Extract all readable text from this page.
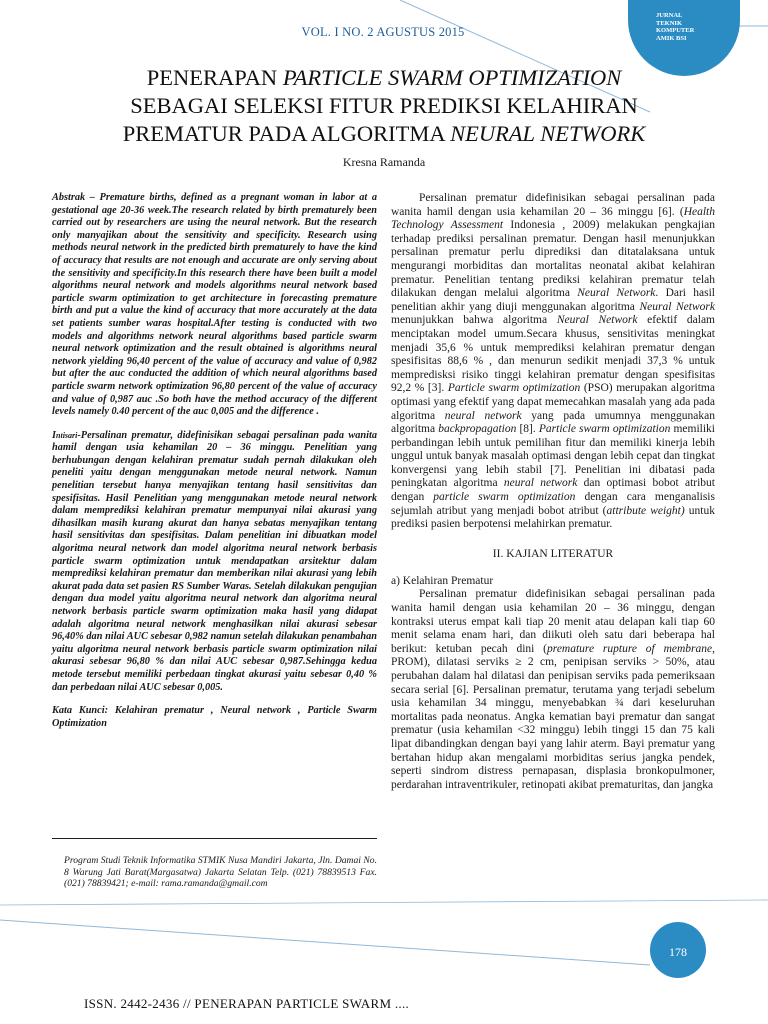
JURNAL
TEKNIK
KOMPUTER
AMIK BSI
VOL. I NO. 2 AGUSTUS 2015
PENERAPAN PARTICLE SWARM OPTIMIZATION
SEBAGAI SELEKSI FITUR PREDIKSI KELAHIRAN
PREMATUR PADA ALGORITMA NEURAL NETWORK
Kresna Ramanda

Abstrak – Premature births, defined as a pregnant woman in labor at a gestational age 20-36 week.The research related by birth prematurely been carried out by researchers are using the neural network. But the research only manyajikan about the sensitivity and specificity. Research using methods neural network in the predicted birth prematurely to have the kind of accuracy that results are not enough and accurate are only serving about the sensitivity and specificity.In this research there have been built a model algorithms neural network and models algorithms neural network based particle swarm optimization to get architecture in forecasting premature birth and put a value the kind of accuracy that more accurately at the data set patients sumber waras hospital.After testing is conducted with two models and algorithms network neural algorithms based particle swarm neural network optimization and the result obtained is algorithms neural network yielding 96,40 percent of the value of accuracy and value of 0,982 but after the auc conducted the addition of which neural algorithms based particle swarm network optimization 96,80 percent of the value of accuracy and value of 0,987 auc .So both have the method accuracy of the different levels namely 0.40 percent of the auc 0,005 and the difference .

Intisari-Persalinan prematur, didefinisikan sebagai persalinan pada wanita hamil dengan usia kehamilan 20 – 36 minggu. Penelitian yang berhubungan dengan kelahiran prematur sudah pernah dilakukan oleh peneliti yaitu dengan menggunakan metode neural network. Namun penelitian tersebut hanya menyajikan tentang hasil sensitivitas dan spesifisitas. Hasil Penelitian yang menggunakan metode neural network dalam memprediksi kelahiran prematur mempunyai nilai akurasi yang dihasilkan masih kurang akurat dan hanya sebatas menyajikan tentang hasil sensitivitas dan spesifisitas. Dalam penelitian ini dibuatkan model algoritma neural network dan model algoritma neural network berbasis particle swarm optimization untuk mendapatkan arsitektur dalam memprediksi kelahiran prematur dan memberikan nilai akurasi yang lebih akurat pada data set pasien RS Sumber Waras. Setelah dilakukan pengujian dengan dua model yaitu algoritma neural network dan algoritma neural network berbasis particle swarm optimization maka hasil yang didapat adalah algoritma neural network menghasilkan nilai akurasi sebesar 96,40% dan nilai AUC sebesar 0,982 namun setelah dilakukan penambahan yaitu algoritma neural network berbasis particle swarm optimization nilai akurasi sebesar 96,80 % dan nilai AUC sebesar 0,987.Sehingga kedua metode tersebut memiliki perbedaan tingkat akurasi yaitu sebesar 0,40 % dan perbedaan nilai AUC sebesar 0,005.

Kata Kunci: Kelahiran prematur , Neural network , Particle Swarm Optimization

Program Studi Teknik Informatika STMIK Nusa Mandiri Jakarta, Jln. Damai No. 8 Warung Jati Barat(Margasatwa) Jakarta Selatan Telp. (021) 78839513 Fax. (021) 78839421; e-mail: rama.ramanda@gmail.com

Persalinan prematur didefinisikan sebagai persalinan pada wanita hamil dengan usia kehamilan 20 – 36 minggu [6]. (Health Technology Assessment Indonesia , 2009) melakukan pengkajian terhadap prediksi persalinan prematur. Dengan hasil menunjukkan persalinan prematur perlu diprediksi dan ditatalaksana untuk mengurangi morbiditas dan mortalitas neonatal akibat kelahiran prematur. Penelitian tentang prediksi kelahiran prematur telah dilakukan dengan melalui algoritma Neural Network. Dari hasil penelitian akhir yang diuji menggunakan algoritma Neural Network menunjukkan bahwa algoritma Neural Network efektif dalam menciptakan model umum.Secara khusus, sensitivitas meningkat menjadi 35,6 % untuk memprediksi kelahiran prematur dengan spesifisitas 88,6 % , dan menurun sedikit menjadi 37,3 % untuk mempredisksi risiko tinggi kelahiran prematur dengan spesifisitas 92,2 % [3]. Particle swarm optimization (PSO) merupakan algoritma optimasi yang efektif yang dapat memecahkan masalah yang ada pada algoritma neural network yang pada umumnya menggunakan algoritma backpropagation [8]. Particle swarm optimization memiliki perbandingan lebih untuk pemilihan fitur dan memiliki kinerja lebih unggul untuk banyak masalah optimasi dengan lebih cepat dan tingkat konvergensi yang lebih stabil [7]. Penelitian ini dibatasi pada peningkatan algoritma neural network dan optimasi bobot atribut dengan particle swarm optimization dengan cara menganalisis sejumlah atribut yang menjadi bobot atribut (attribute weight) untuk prediksi pasien berpotensi melahirkan prematur.

II. KAJIAN LITERATUR
a) Kelahiran Prematur

Persalinan prematur didefinisikan sebagai persalinan pada wanita hamil dengan usia kehamilan 20 – 36 minggu, dengan kontraksi uterus empat kali tiap 20 menit atau delapan kali tiap 60 menit selama enam hari, dan diikuti oleh satu dari beberapa hal berikut: ketuban pecah dini (premature rupture of membrane, PROM), dilatasi serviks ≥ 2 cm, penipisan serviks > 50%, atau perubahan dalam hal dilatasi dan penipisan serviks pada pemeriksaan secara serial [6]. Persalinan prematur, terutama yang terjadi sebelum usia kehamilan 34 minggu, menyebabkan ¾ dari keseluruhan mortalitas pada neonatus. Angka kematian bayi prematur dan sangat prematur (usia kehamilan <32 minggu) lebih tinggi 15 dan 75 kali lipat dibandingkan dengan bayi yang lahir aterm. Bayi prematur yang bertahan hidup akan mengalami morbiditas serius jangka pendek, seperti sindrom distress pernapasan, displasia bronkopulmoner, perdarahan intraventrikuler, retinopati akibat prematuritas, dan jangka

178
ISSN. 2442-2436 // PENERAPAN PARTICLE SWARM ....
